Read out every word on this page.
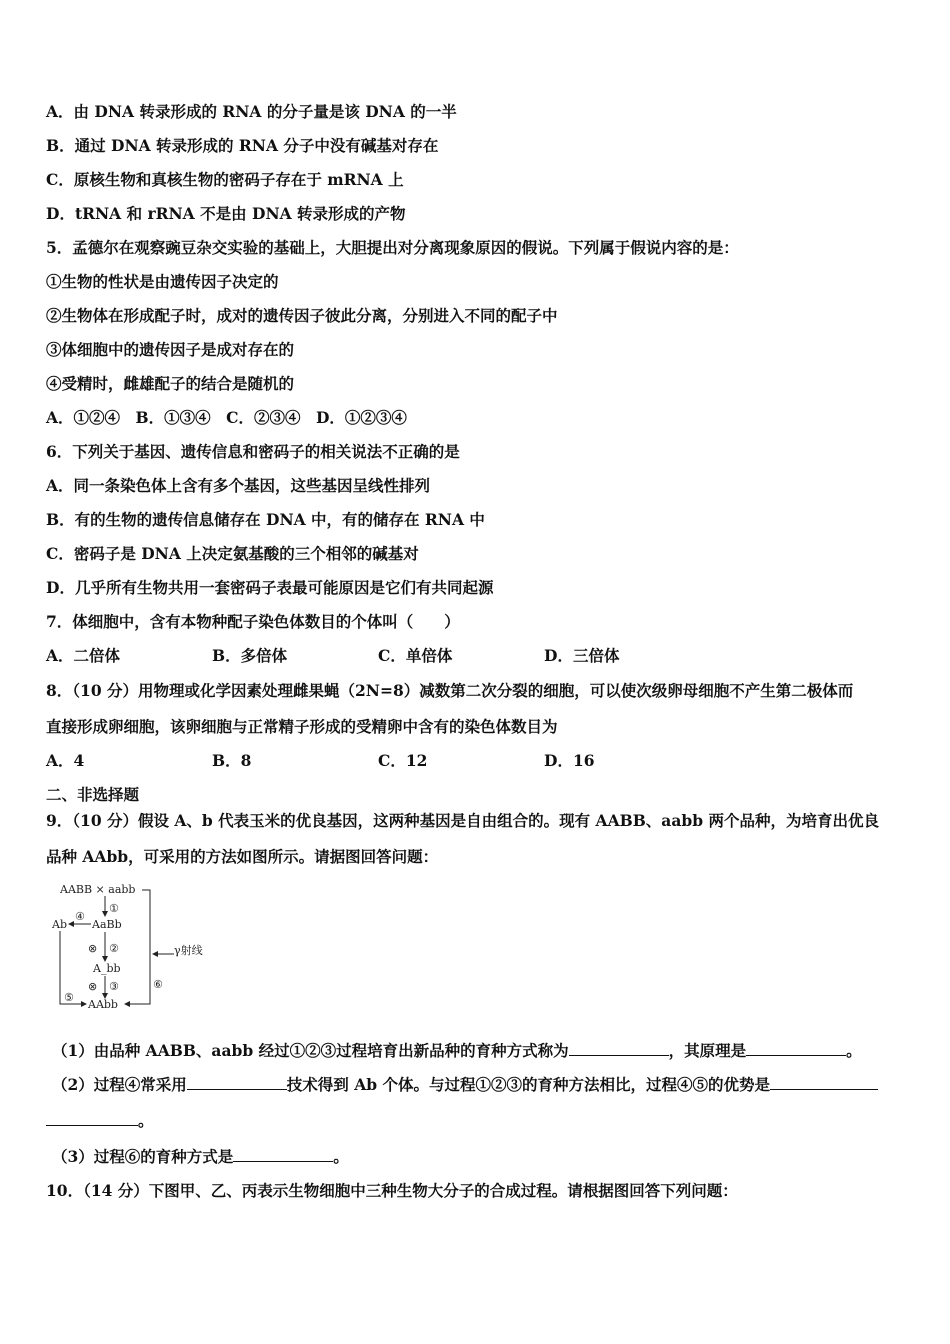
A．由 DNA 转录形成的 RNA 的分子量是该 DNA 的一半
B．通过 DNA 转录形成的 RNA 分子中没有碱基对存在
C．原核生物和真核生物的密码子存在于 mRNA 上
D．tRNA 和 rRNA 不是由 DNA 转录形成的产物
5．孟德尔在观察豌豆杂交实验的基础上，大胆提出对分离现象原因的假说。下列属于假说内容的是：
①生物的性状是由遗传因子决定的
②生物体在形成配子时，成对的遗传因子彼此分离，分别进入不同的配子中
③体细胞中的遗传因子是成对存在的
④受精时，雌雄配子的结合是随机的
A．①②④　B．①③④　C．②③④　D．①②③④
6．下列关于基因、遗传信息和密码子的相关说法不正确的是
A．同一条染色体上含有多个基因，这些基因呈线性排列
B．有的生物的遗传信息储存在 DNA 中，有的储存在 RNA 中
C．密码子是 DNA 上决定氨基酸的三个相邻的碱基对
D．几乎所有生物共用一套密码子表最可能原因是它们有共同起源
7．体细胞中，含有本物种配子染色体数目的个体叫（　　）
A．二倍体	B．多倍体	C．单倍体	D．三倍体
8．（10 分）用物理或化学因素处理雌果蝇（2N=8）减数第二次分裂的细胞，可以使次级卵母细胞不产生第二极体而
直接形成卵细胞，该卵细胞与正常精子形成的受精卵中含有的染色体数目为
A．4	B．8	C．12	D．16
二、非选择题
9．（10 分）假设 A、b 代表玉米的优良基因，这两种基因是自由组合的。现有 AABB、aabb 两个品种，为培育出优良
品种 AAbb，可采用的方法如图所示。请据图回答问题：
AABB × aabb
①
AaBb
④
Ab
⊗ ②
A_bb
⊗ ③
AAbb
⑤
⑥
γ射线
（1）由品种 AABB、aabb 经过①②③过程培育出新品种的育种方式称为	，其原理是	。
（2）过程④常采用	技术得到 Ab 个体。与过程①②③的育种方法相比，过程④⑤的优势是
。
（3）过程⑥的育种方式是	。
10．（14 分）下图甲、乙、丙表示生物细胞中三种生物大分子的合成过程。请根据图回答下列问题：
